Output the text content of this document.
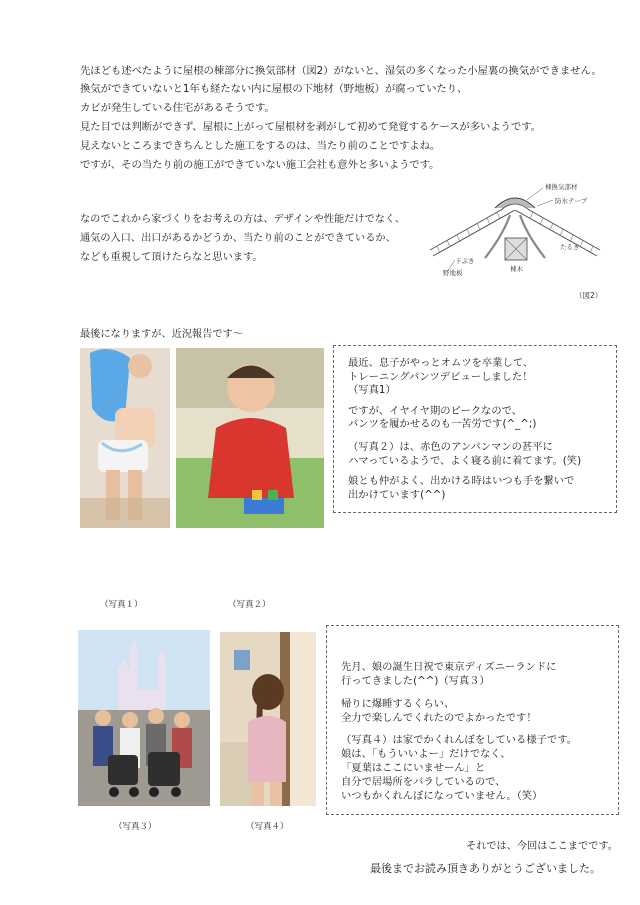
先ほども述べたように屋根の棟部分に換気部材（図2）がないと、湿気の多くなった小屋裏の換気ができません。
換気ができていないと1年も経たない内に屋根の下地材（野地板）が腐っていたり、
カビが発生している住宅があるそうです。
見た目では判断ができず、屋根に上がって屋根材を剥がして初めて発覚するケースが多いようです。
見えないところまできちんとした施工をするのは、当たり前のことですよね。
ですが、その当たり前の施工ができていない施工会社も意外と多いようです。
なのでこれから家づくりをお考えの方は、デザインや性能だけでなく、
通気の入口、出口があるかどうか、当たり前のことができているか、
なども重視して頂けたらなと思います。
棟換気部材
防水テープ
たるき
棟木
下ぶき
野地板
（図2）
最後になりますが、近況報告です～
（写真１）	（写真２）
最近、息子がやっとオムツを卒業して、
トレーニングパンツデビューしました！
（写真1）
ですが、イヤイヤ期のピークなので、
パンツを履かせるのも一苦労です(^_^;)
（写真２）は、赤色のアンパンマンの甚平に
ハマっているようで、よく寝る前に着てます。(笑)
娘とも仲がよく、出かける時はいつも手を繋いで
出かけています(^^)
（写真３）	（写真４）
先月、娘の誕生日祝で東京ディズニーランドに
行ってきました(^^)（写真３）
帰りに爆睡するくらい、
全力で楽しんでくれたのでよかったです！
（写真４）は家でかくれんぼをしている様子です。
娘は、「もういいよー」だけでなく、
「夏葉はここにいませーん」と
自分で居場所をバラしているので、
いつもかくれんぼになっていません。（笑）
それでは、今回はここまでです。
最後までお読み頂きありがとうございました。
